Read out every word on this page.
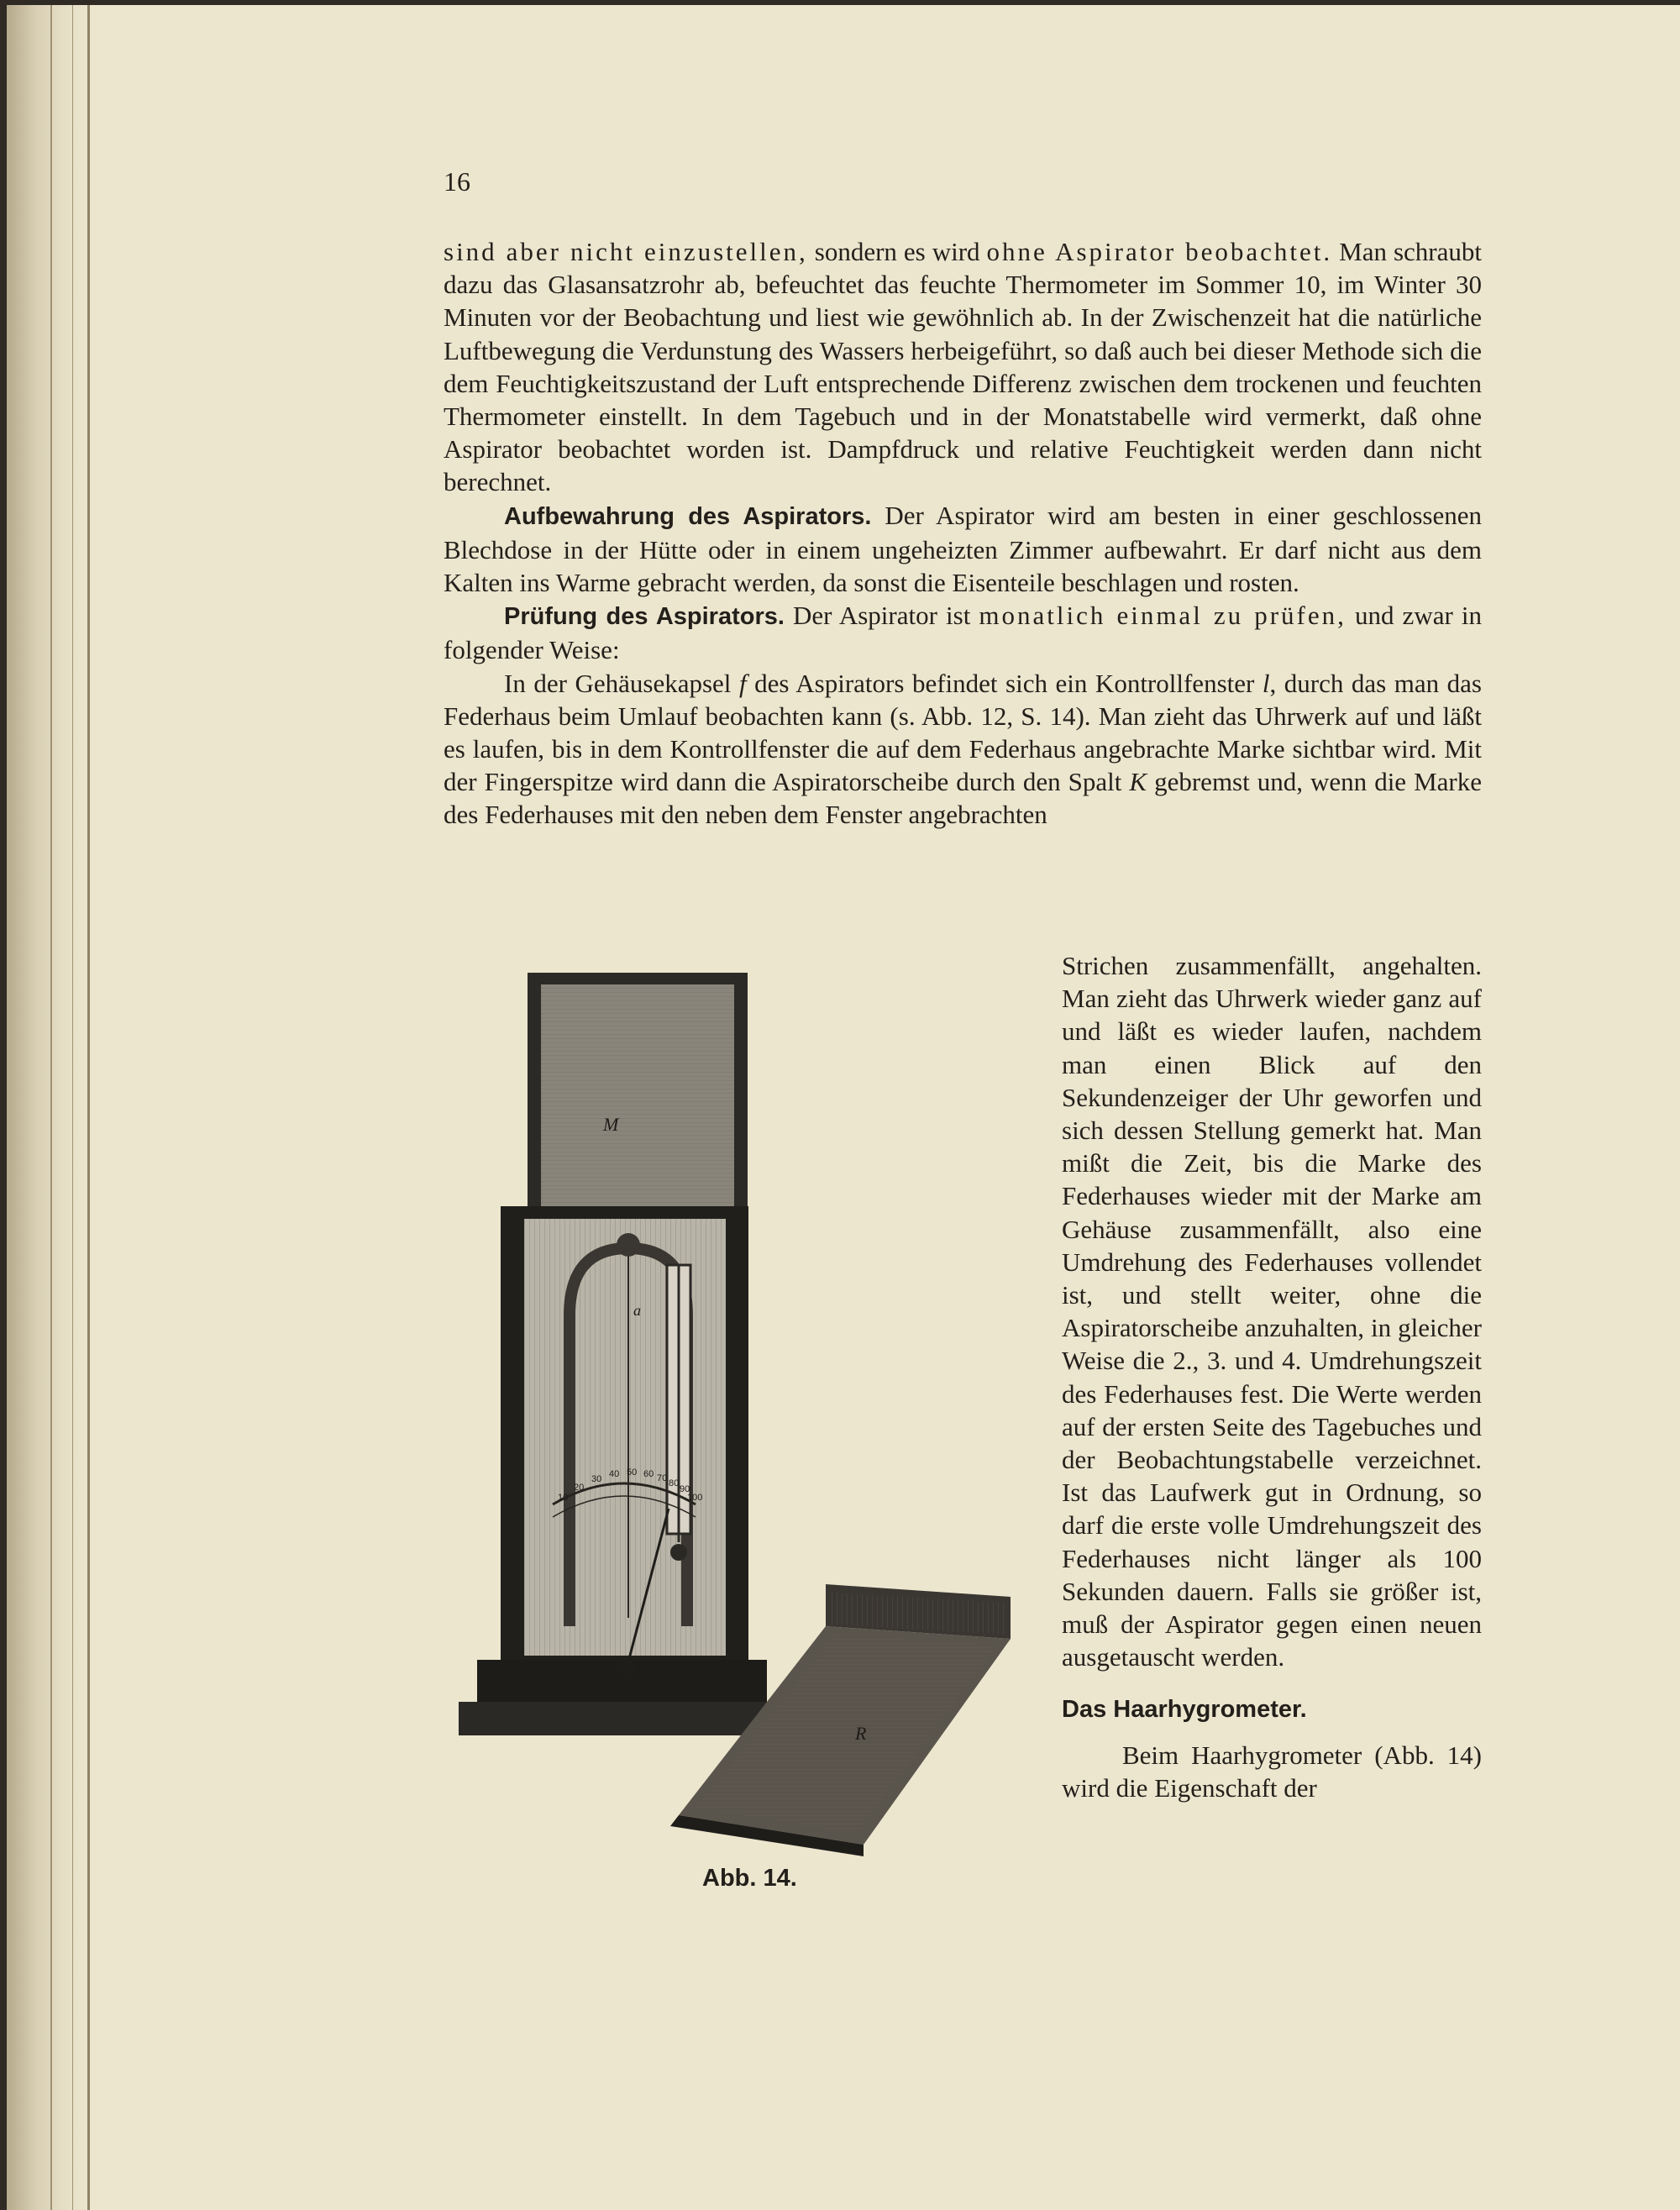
16

sind aber nicht einzustellen, sondern es wird ohne Aspirator beobachtet. Man schraubt dazu das Glasansatzrohr ab, befeuchtet das feuchte Thermometer im Sommer 10, im Winter 30 Minuten vor der Beobachtung und liest wie gewöhnlich ab. In der Zwischenzeit hat die natürliche Luftbewegung die Verdunstung des Wassers herbeigeführt, so daß auch bei dieser Methode sich die dem Feuchtigkeitszustand der Luft entsprechende Differenz zwischen dem trockenen und feuchten Thermometer einstellt. In dem Tagebuch und in der Monatstabelle wird vermerkt, daß ohne Aspirator beobachtet worden ist. Dampfdruck und relative Feuchtigkeit werden dann nicht berechnet.

Aufbewahrung des Aspirators. Der Aspirator wird am besten in einer geschlossenen Blechdose in der Hütte oder in einem ungeheizten Zimmer aufbewahrt. Er darf nicht aus dem Kalten ins Warme gebracht werden, da sonst die Eisenteile beschlagen und rosten.

Prüfung des Aspirators. Der Aspirator ist monatlich einmal zu prüfen, und zwar in folgender Weise:

In der Gehäusekapsel f des Aspirators befindet sich ein Kontrollfenster l, durch das man das Federhaus beim Umlauf beobachten kann (s. Abb. 12, S. 14). Man zieht das Uhrwerk auf und läßt es laufen, bis in dem Kontrollfenster die auf dem Federhaus angebrachte Marke sichtbar wird. Mit der Fingerspitze wird dann die Aspiratorscheibe durch den Spalt K gebremst und, wenn die Marke des Federhauses mit den neben dem Fenster angebrachten

Strichen zusammenfällt, angehalten. Man zieht das Uhrwerk wieder ganz auf und läßt es wieder laufen, nachdem man einen Blick auf den Sekundenzeiger der Uhr geworfen und sich dessen Stellung gemerkt hat. Man mißt die Zeit, bis die Marke des Federhauses wieder mit der Marke am Gehäuse zusammenfällt, also eine Umdrehung des Federhauses vollendet ist, und stellt weiter, ohne die Aspiratorscheibe anzuhalten, in gleicher Weise die 2., 3. und 4. Umdrehungszeit des Federhauses fest. Die Werte werden auf der ersten Seite des Tagebuches und der Beobachtungstabelle verzeichnet. Ist das Laufwerk gut in Ordnung, so darf die erste volle Umdrehungszeit des Federhauses nicht länger als 100 Sekunden dauern. Falls sie größer ist, muß der Aspirator gegen einen neuen ausgetauscht werden.

Das Haarhygrometer.

Beim Haarhygrometer (Abb. 14) wird die Eigenschaft der

M
10
20
30 40 50 60 70 80
90
100
a
R
Abb. 14.
